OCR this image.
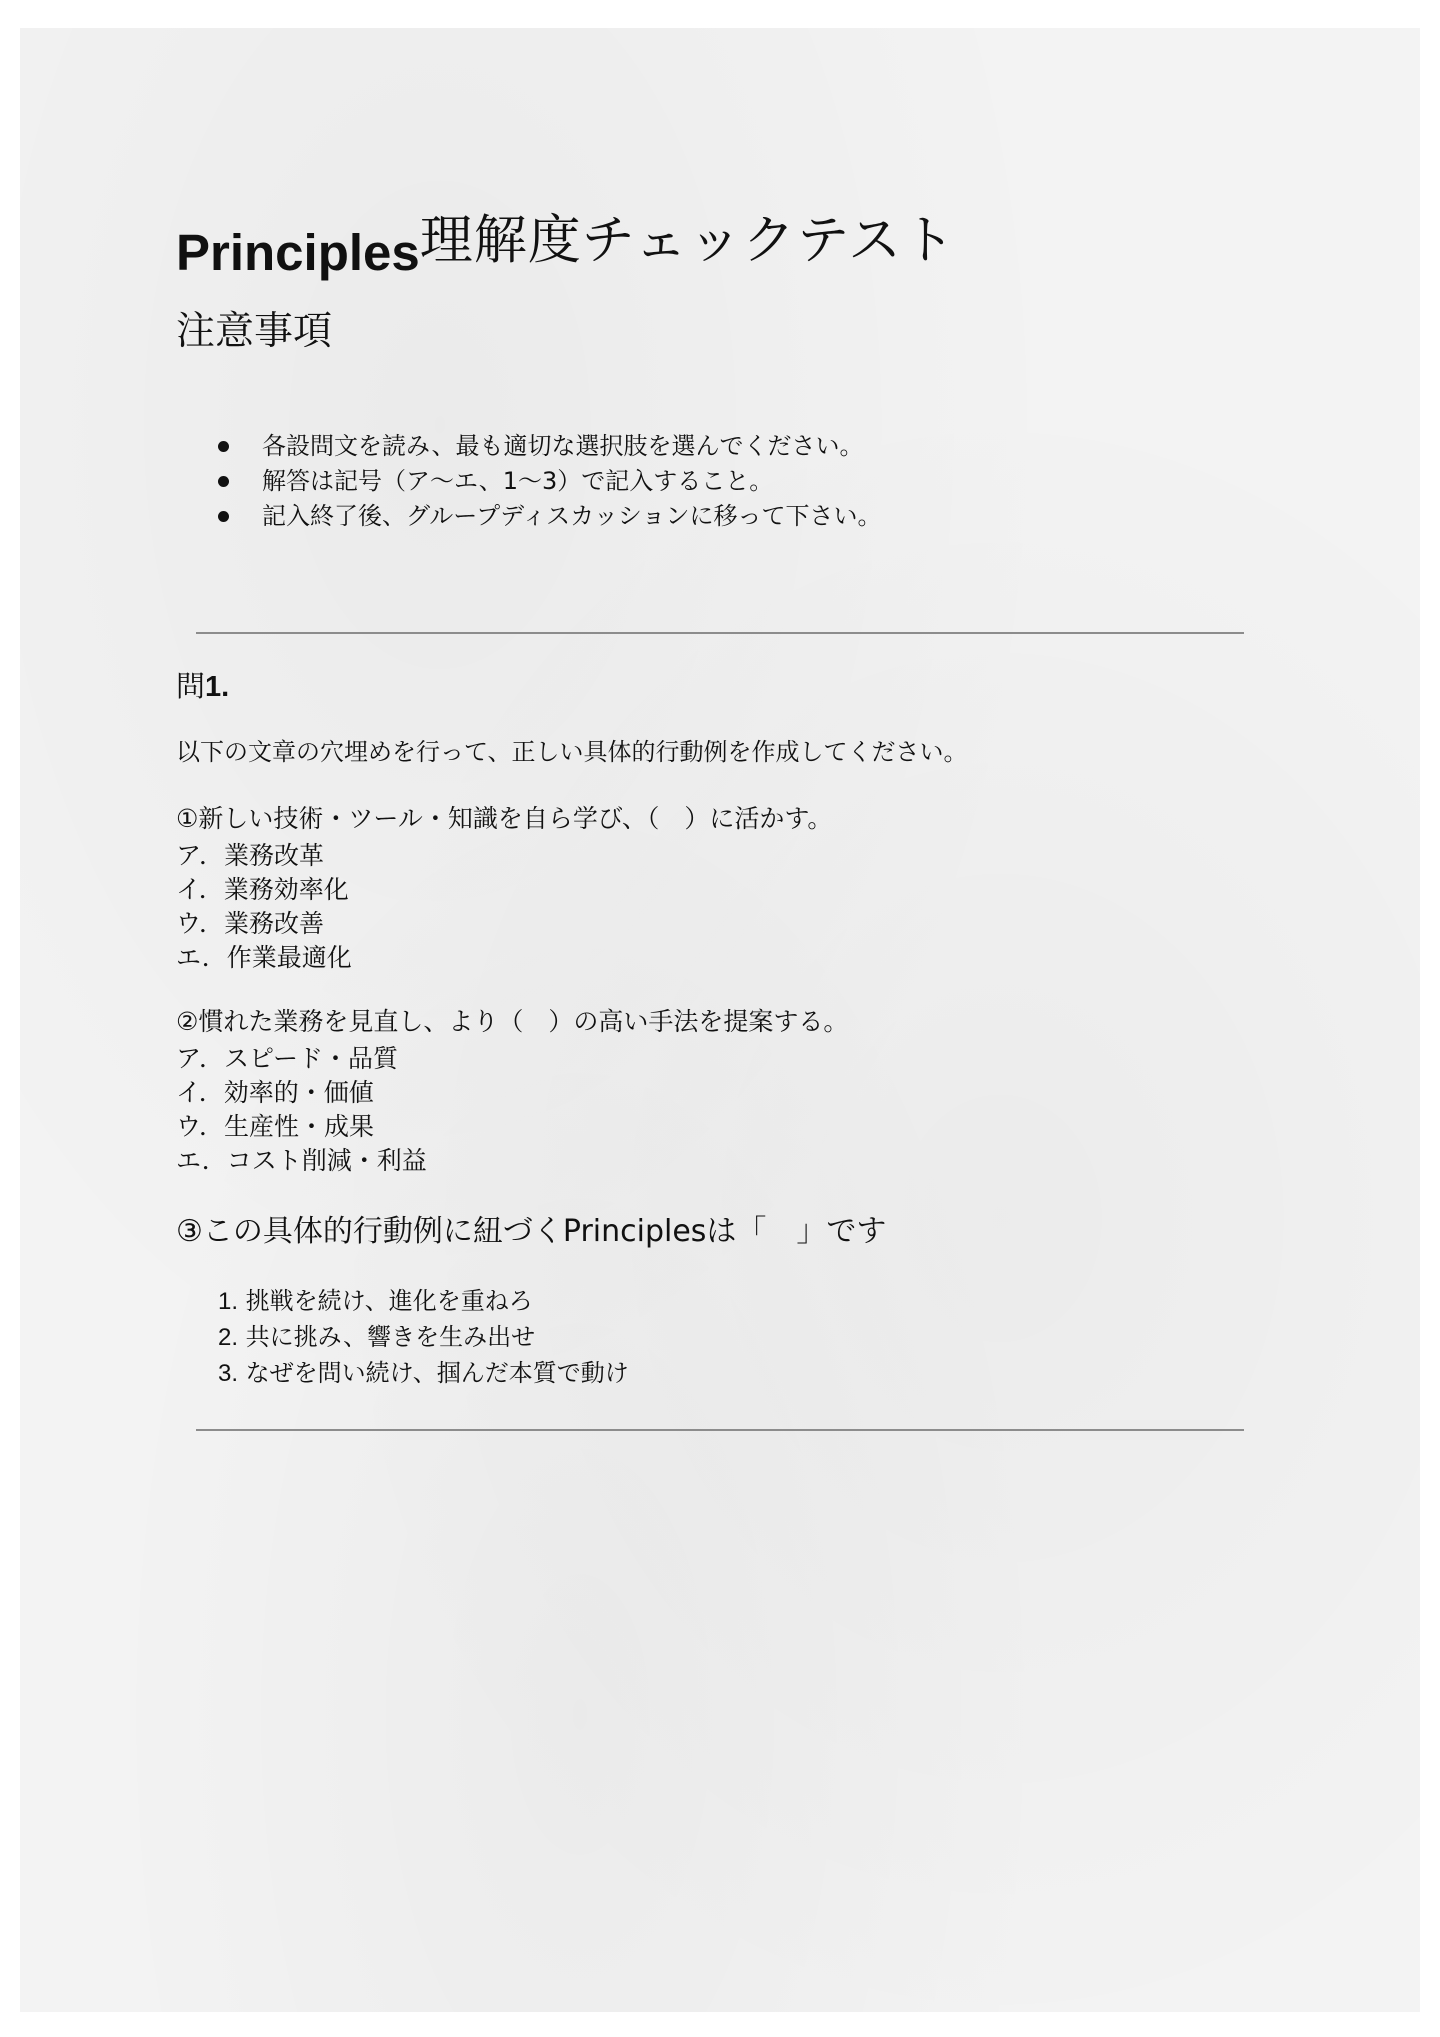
Principles理解度チェックテスト
注意事項
各設問文を読み、最も適切な選択肢を選んでください。
解答は記号（ア〜エ、1〜3）で記入すること。
記入終了後、グループディスカッションに移って下さい。
問1.

以下の文章の穴埋めを行って、正しい具体的行動例を作成してください。

①新しい技術・ツール・知識を自ら学び、（　）に活かす。

ア．業務改革
イ．業務効率化
ウ．業務改善
エ．作業最適化

②慣れた業務を見直し、より（　）の高い手法を提案する。

ア．スピード・品質
イ．効率的・価値
ウ．生産性・成果
エ．コスト削減・利益

③この具体的行動例に紐づくPrinciplesは「　」です

1. 挑戦を続け、進化を重ねろ
2. 共に挑み、響きを生み出せ
3. なぜを問い続け、掴んだ本質で動け
